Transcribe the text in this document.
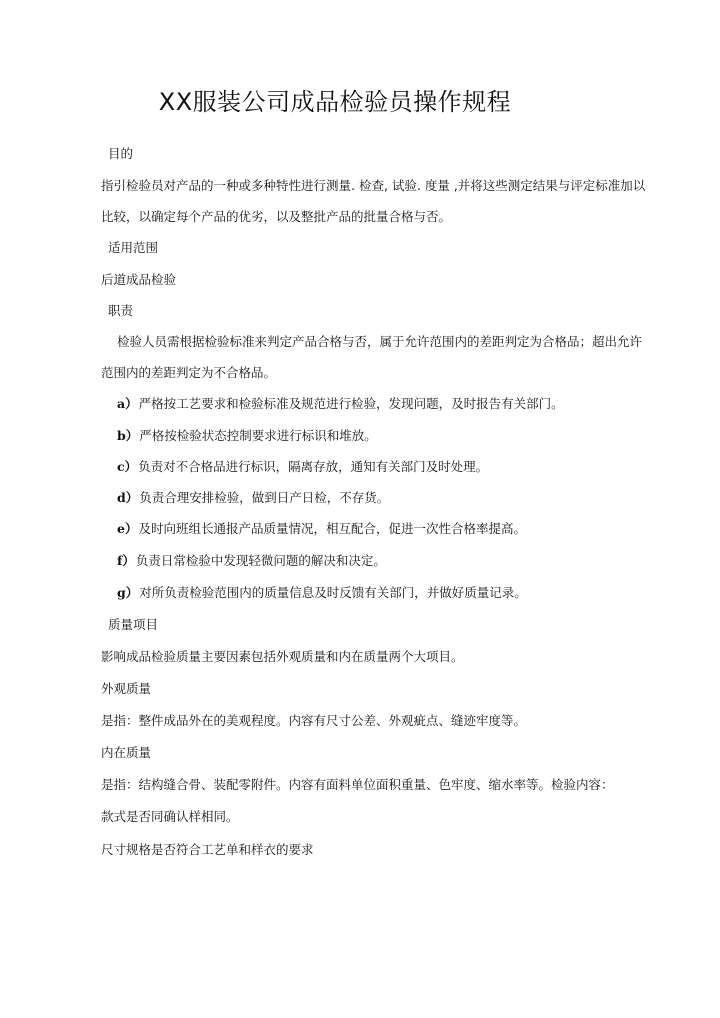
XX服装公司成品检验员操作规程
目的
指引检验员对产品的一种或多种特性进行测量. 检查, 试验. 度量 ,并将这些测定结果与评定标准加以
比较，以确定每个产品的优劣，以及整批产品的批量合格与否。
适用范围
后道成品检验
职责
检验人员需根据检验标准来判定产品合格与否，属于允许范围内的差距判定为合格品；超出允许
范围内的差距判定为不合格品。
a）严格按工艺要求和检验标准及规范进行检验，发现问题，及时报告有关部门。
b）严格按检验状态控制要求进行标识和堆放。
c）负责对不合格品进行标识，隔离存放，通知有关部门及时处理。
d）负责合理安排检验，做到日产日检，不存货。
e）及时向班组长通报产品质量情况，相互配合，促进一次性合格率提高。
f）负责日常检验中发现轻微问题的解决和决定。
g）对所负责检验范围内的质量信息及时反馈有关部门，并做好质量记录。
质量项目
影响成品检验质量主要因素包括外观质量和内在质量两个大项目。
外观质量
是指：整件成品外在的美观程度。内容有尺寸公差、外观疵点、缝迹牢度等。
内在质量
是指：结构缝合骨、装配零附件。内容有面料单位面积重量、色牢度、缩水率等。检验内容：
款式是否同确认样相同。
尺寸规格是否符合工艺单和样衣的要求
